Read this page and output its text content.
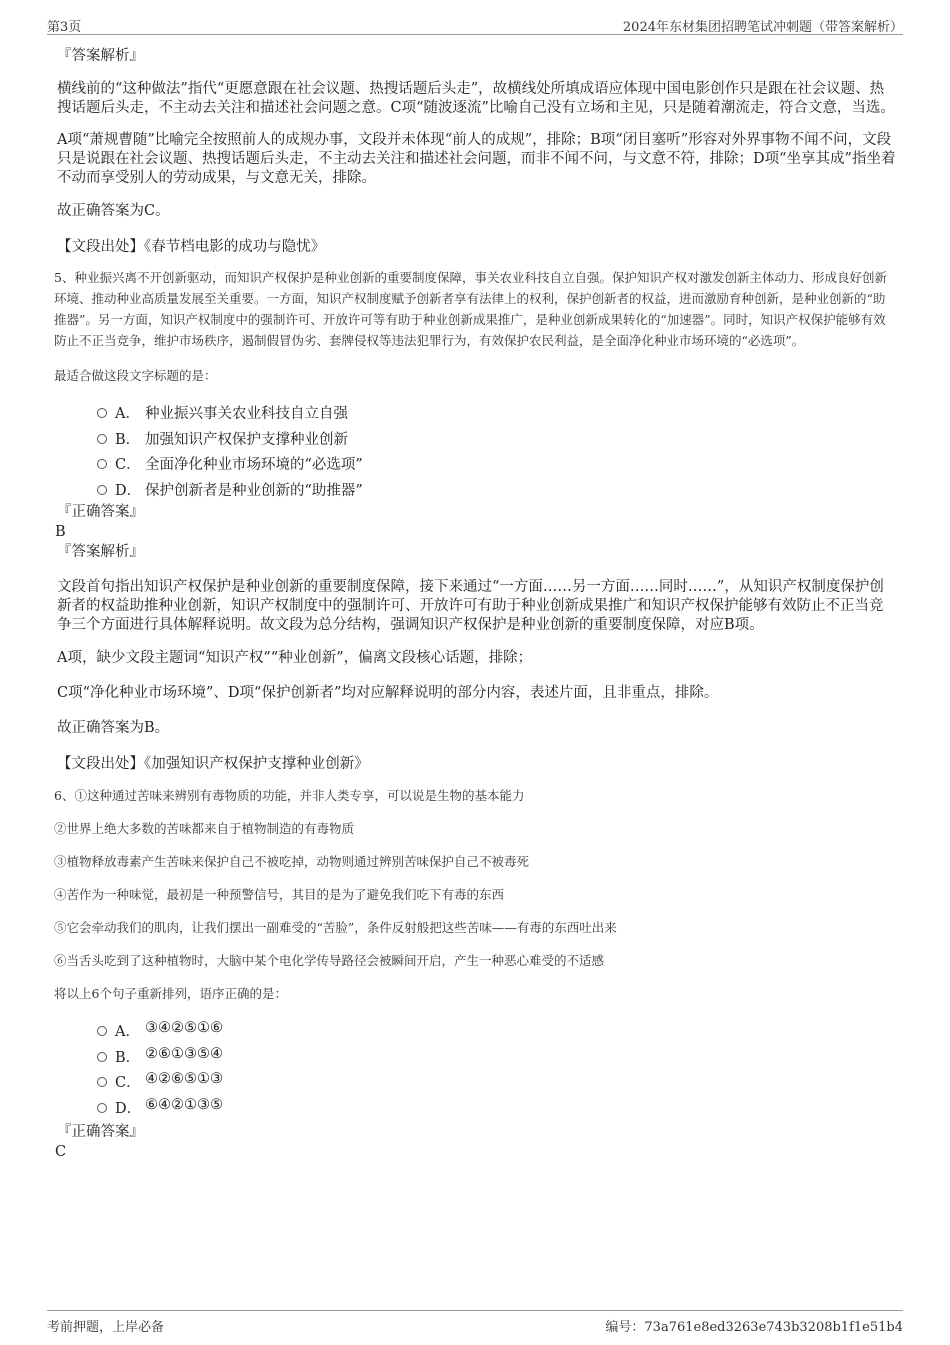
第3页	2024年东材集团招聘笔试冲刺题（带答案解析）

『答案解析』

横线前的“这种做法”指代“更愿意跟在社会议题、热搜话题后头走”，故横线处所填成语应体现中国电影创作只是跟在社会议题、热搜话题后头走，不主动去关注和描述社会问题之意。C项“随波逐流”比喻自己没有立场和主见，只是随着潮流走，符合文意，当选。

A项“萧规曹随”比喻完全按照前人的成规办事，文段并未体现“前人的成规”，排除；B项“闭目塞听”形容对外界事物不闻不问，文段只是说跟在社会议题、热搜话题后头走，不主动去关注和描述社会问题，而非不闻不问，与文意不符，排除；D项“坐享其成”指坐着不动而享受别人的劳动成果，与文意无关，排除。

故正确答案为C。

【文段出处】《春节档电影的成功与隐忧》

5、种业振兴离不开创新驱动，而知识产权保护是种业创新的重要制度保障，事关农业科技自立自强。保护知识产权对激发创新主体动力、形成良好创新环境、推动种业高质量发展至关重要。一方面，知识产权制度赋予创新者享有法律上的权利，保护创新者的权益，进而激励育种创新，是种业创新的“助推器”。另一方面，知识产权制度中的强制许可、开放许可等有助于种业创新成果推广，是种业创新成果转化的“加速器”。同时，知识产权保护能够有效防止不正当竞争，维护市场秩序，遏制假冒伪劣、套牌侵权等违法犯罪行为，有效保护农民利益，是全面净化种业市场环境的“必选项”。

最适合做这段文字标题的是：

A． 种业振兴事关农业科技自立自强
B． 加强知识产权保护支撑种业创新
C． 全面净化种业市场环境的“必选项”
D． 保护创新者是种业创新的“助推器”

『正确答案』

B

『答案解析』

文段首句指出知识产权保护是种业创新的重要制度保障，接下来通过“一方面……另一方面……同时……”，从知识产权制度保护创新者的权益助推种业创新，知识产权制度中的强制许可、开放许可有助于种业创新成果推广和知识产权保护能够有效防止不正当竞争三个方面进行具体解释说明。故文段为总分结构，强调知识产权保护是种业创新的重要制度保障，对应B项。

A项，缺少文段主题词“知识产权”“种业创新”，偏离文段核心话题，排除；

C项“净化种业市场环境”、D项“保护创新者”均对应解释说明的部分内容，表述片面，且非重点，排除。

故正确答案为B。

【文段出处】《加强知识产权保护支撑种业创新》

6、①这种通过苦味来辨别有毒物质的功能，并非人类专享，可以说是生物的基本能力

②世界上绝大多数的苦味都来自于植物制造的有毒物质

③植物释放毒素产生苦味来保护自己不被吃掉，动物则通过辨别苦味保护自己不被毒死

④苦作为一种味觉，最初是一种预警信号，其目的是为了避免我们吃下有毒的东西

⑤它会牵动我们的肌肉，让我们摆出一副难受的“苦脸”，条件反射般把这些苦味——有毒的东西吐出来

⑥当舌头吃到了这种植物时，大脑中某个电化学传导路径会被瞬间开启，产生一种恶心难受的不适感

将以上6个句子重新排列，语序正确的是：

A． ③④②⑤①⑥
B． ②⑥①③⑤④
C． ④②⑥⑤①③
D． ⑥④②①③⑤

『正确答案』

C

考前押题，上岸必备	编号：73a761e8ed3263e743b3208b1f1e51b4
